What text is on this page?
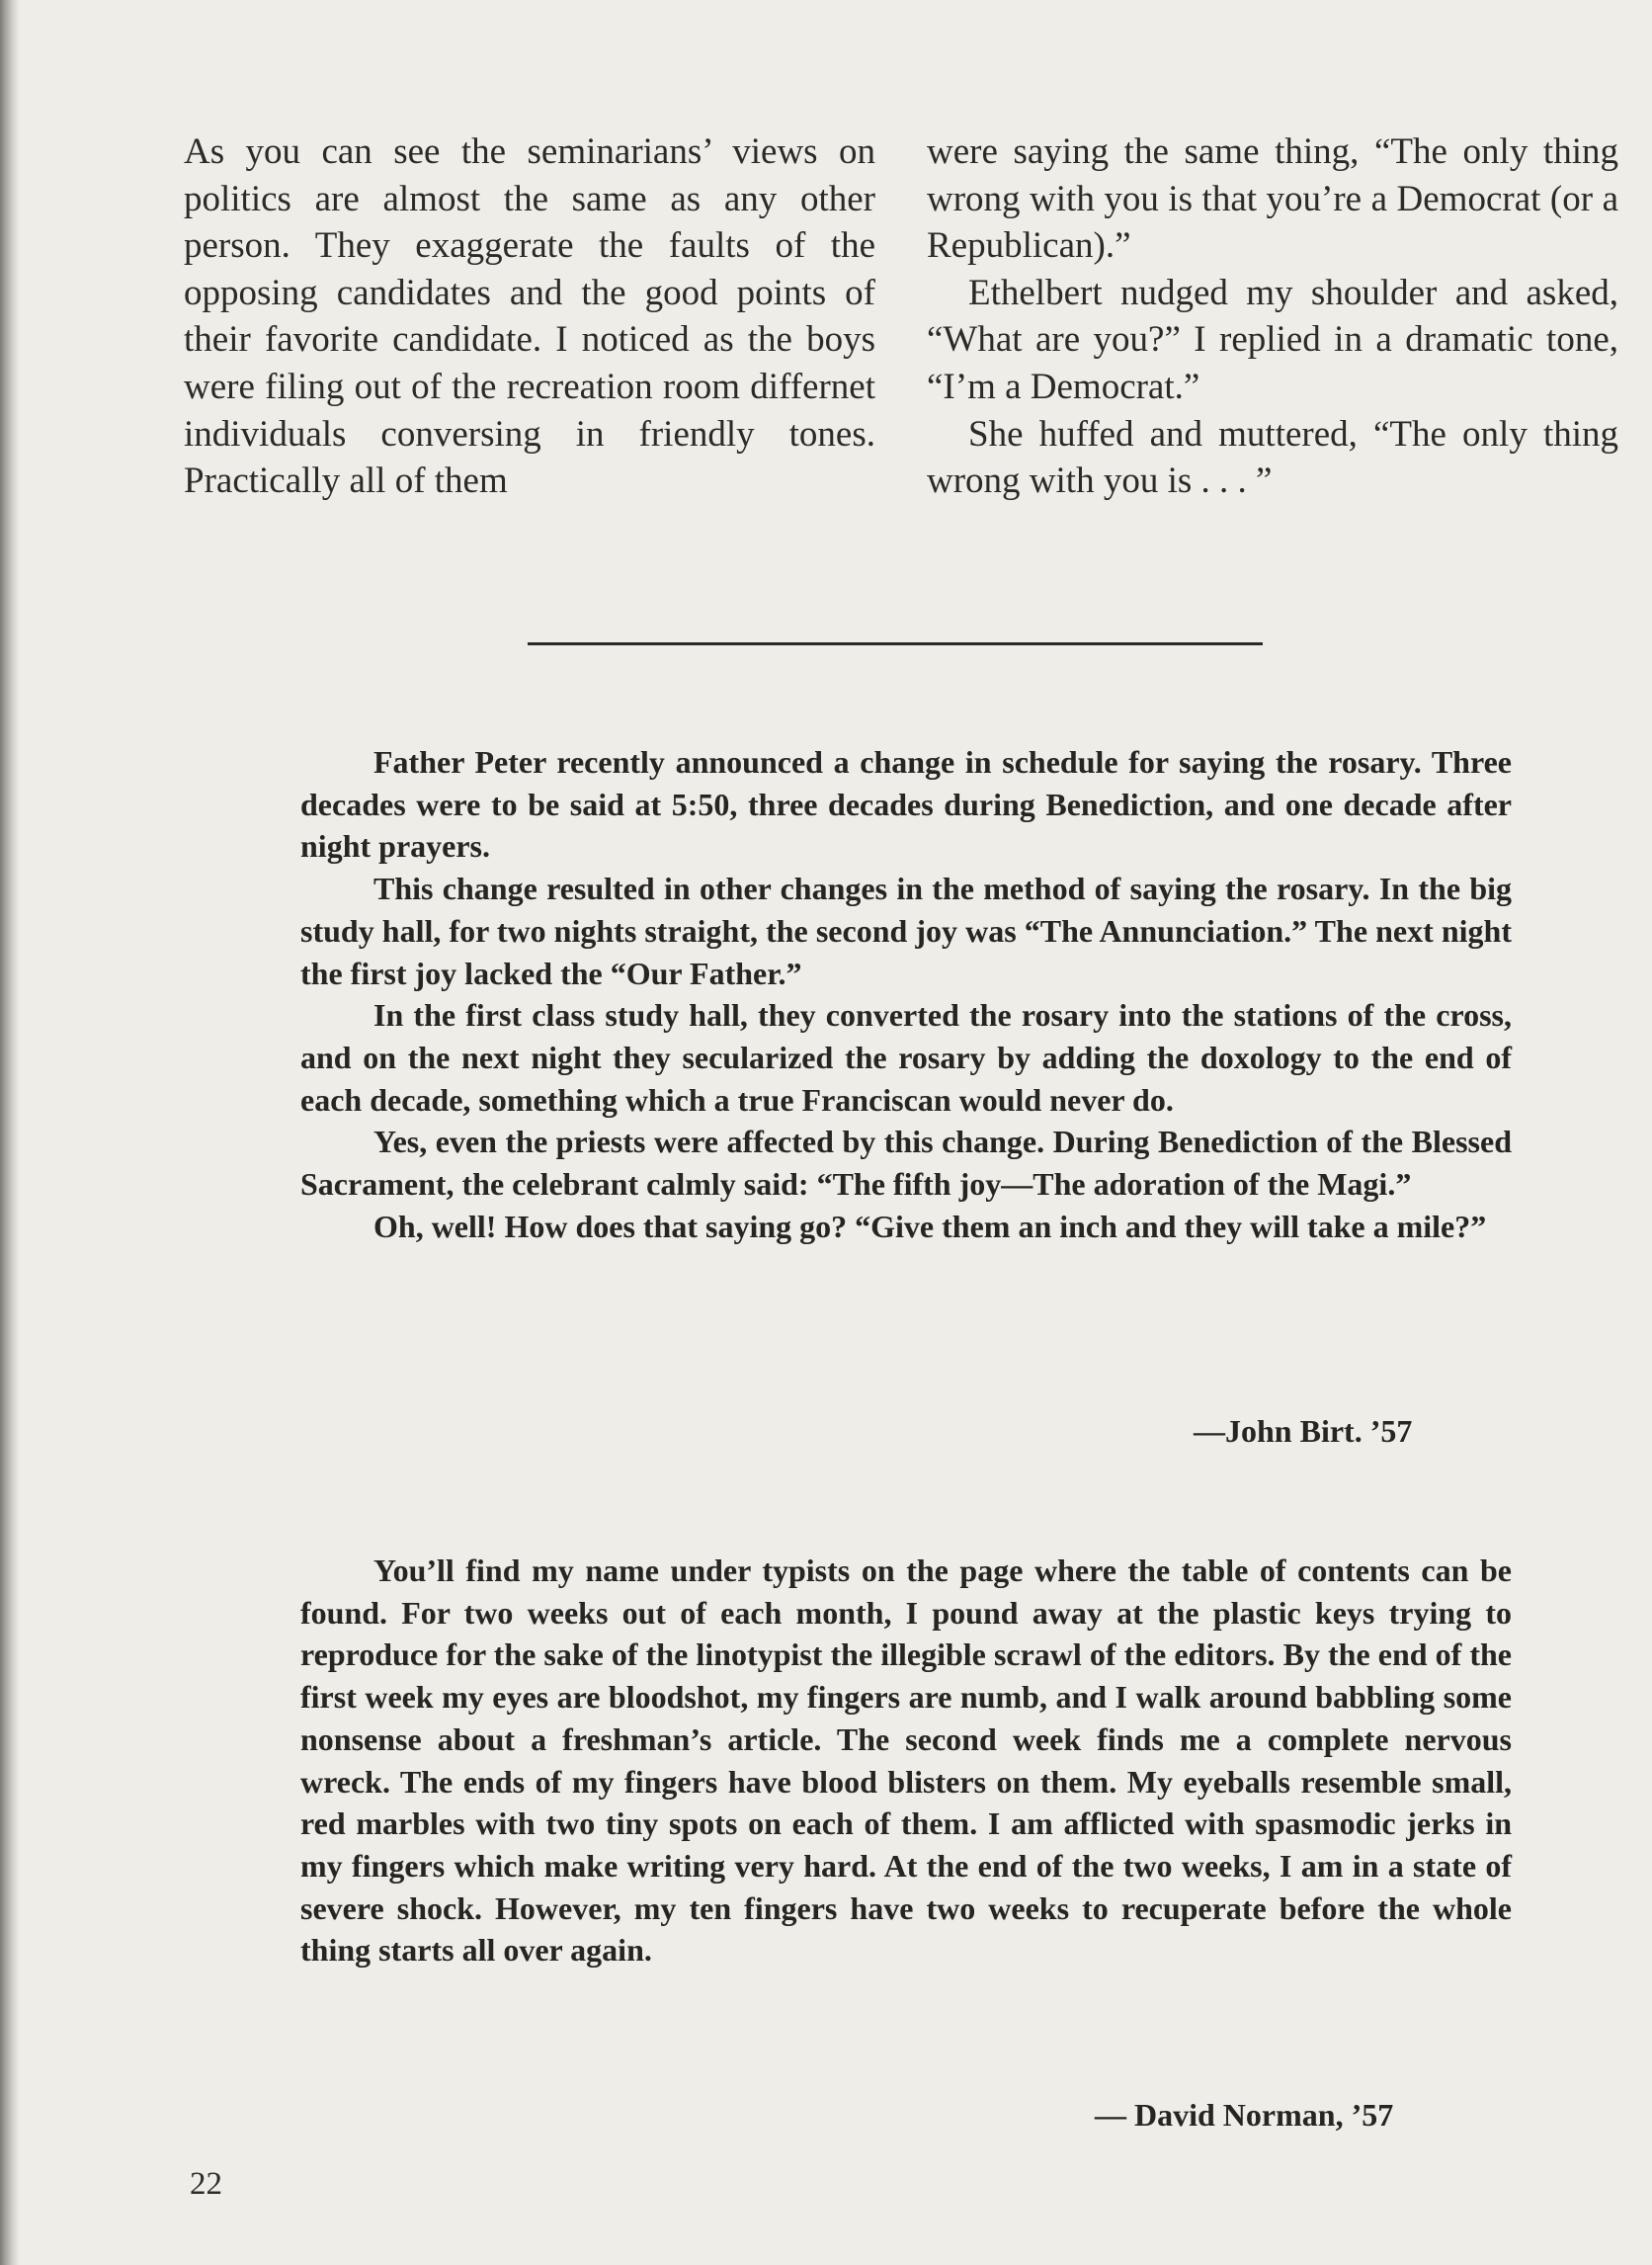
As you can see the seminarians’ views on politics are almost the same as any other person. They exaggerate the faults of the opposing candidates and the good points of their favorite candidate. I noticed as the boys were filing out of the recreation room differnet individuals conversing in friendly tones. Practically all of them

were saying the same thing, “The only thing wrong with you is that you’re a Democrat (or a Republican).”

Ethelbert nudged my shoulder and asked, “What are you?” I replied in a dramatic tone, “I’m a Democrat.”

She huffed and muttered, “The only thing wrong with you is . . . ”

Father Peter recently announced a change in schedule for saying the rosary. Three decades were to be said at 5:50, three decades during Benediction, and one decade after night prayers.

This change resulted in other changes in the method of saying the rosary. In the big study hall, for two nights straight, the second joy was “The Annunciation.” The next night the first joy lacked the “Our Father.”

In the first class study hall, they converted the rosary into the stations of the cross, and on the next night they secularized the rosary by adding the doxology to the end of each decade, something which a true Franciscan would never do.

Yes, even the priests were affected by this change. During Benediction of the Blessed Sacrament, the celebrant calmly said: “The fifth joy—The adoration of the Magi.”

Oh, well! How does that saying go? “Give them an inch and they will take a mile?”

—John Birt. ’57

You’ll find my name under typists on the page where the table of contents can be found. For two weeks out of each month, I pound away at the plastic keys trying to reproduce for the sake of the linotypist the illegible scrawl of the editors. By the end of the first week my eyes are bloodshot, my fingers are numb, and I walk around babbling some nonsense about a freshman’s article. The second week finds me a complete nervous wreck. The ends of my fingers have blood blisters on them. My eyeballs resemble small, red marbles with two tiny spots on each of them. I am afflicted with spasmodic jerks in my fingers which make writing very hard. At the end of the two weeks, I am in a state of severe shock. However, my ten fingers have two weeks to recuperate before the whole thing starts all over again.

— David Norman, ’57
22
